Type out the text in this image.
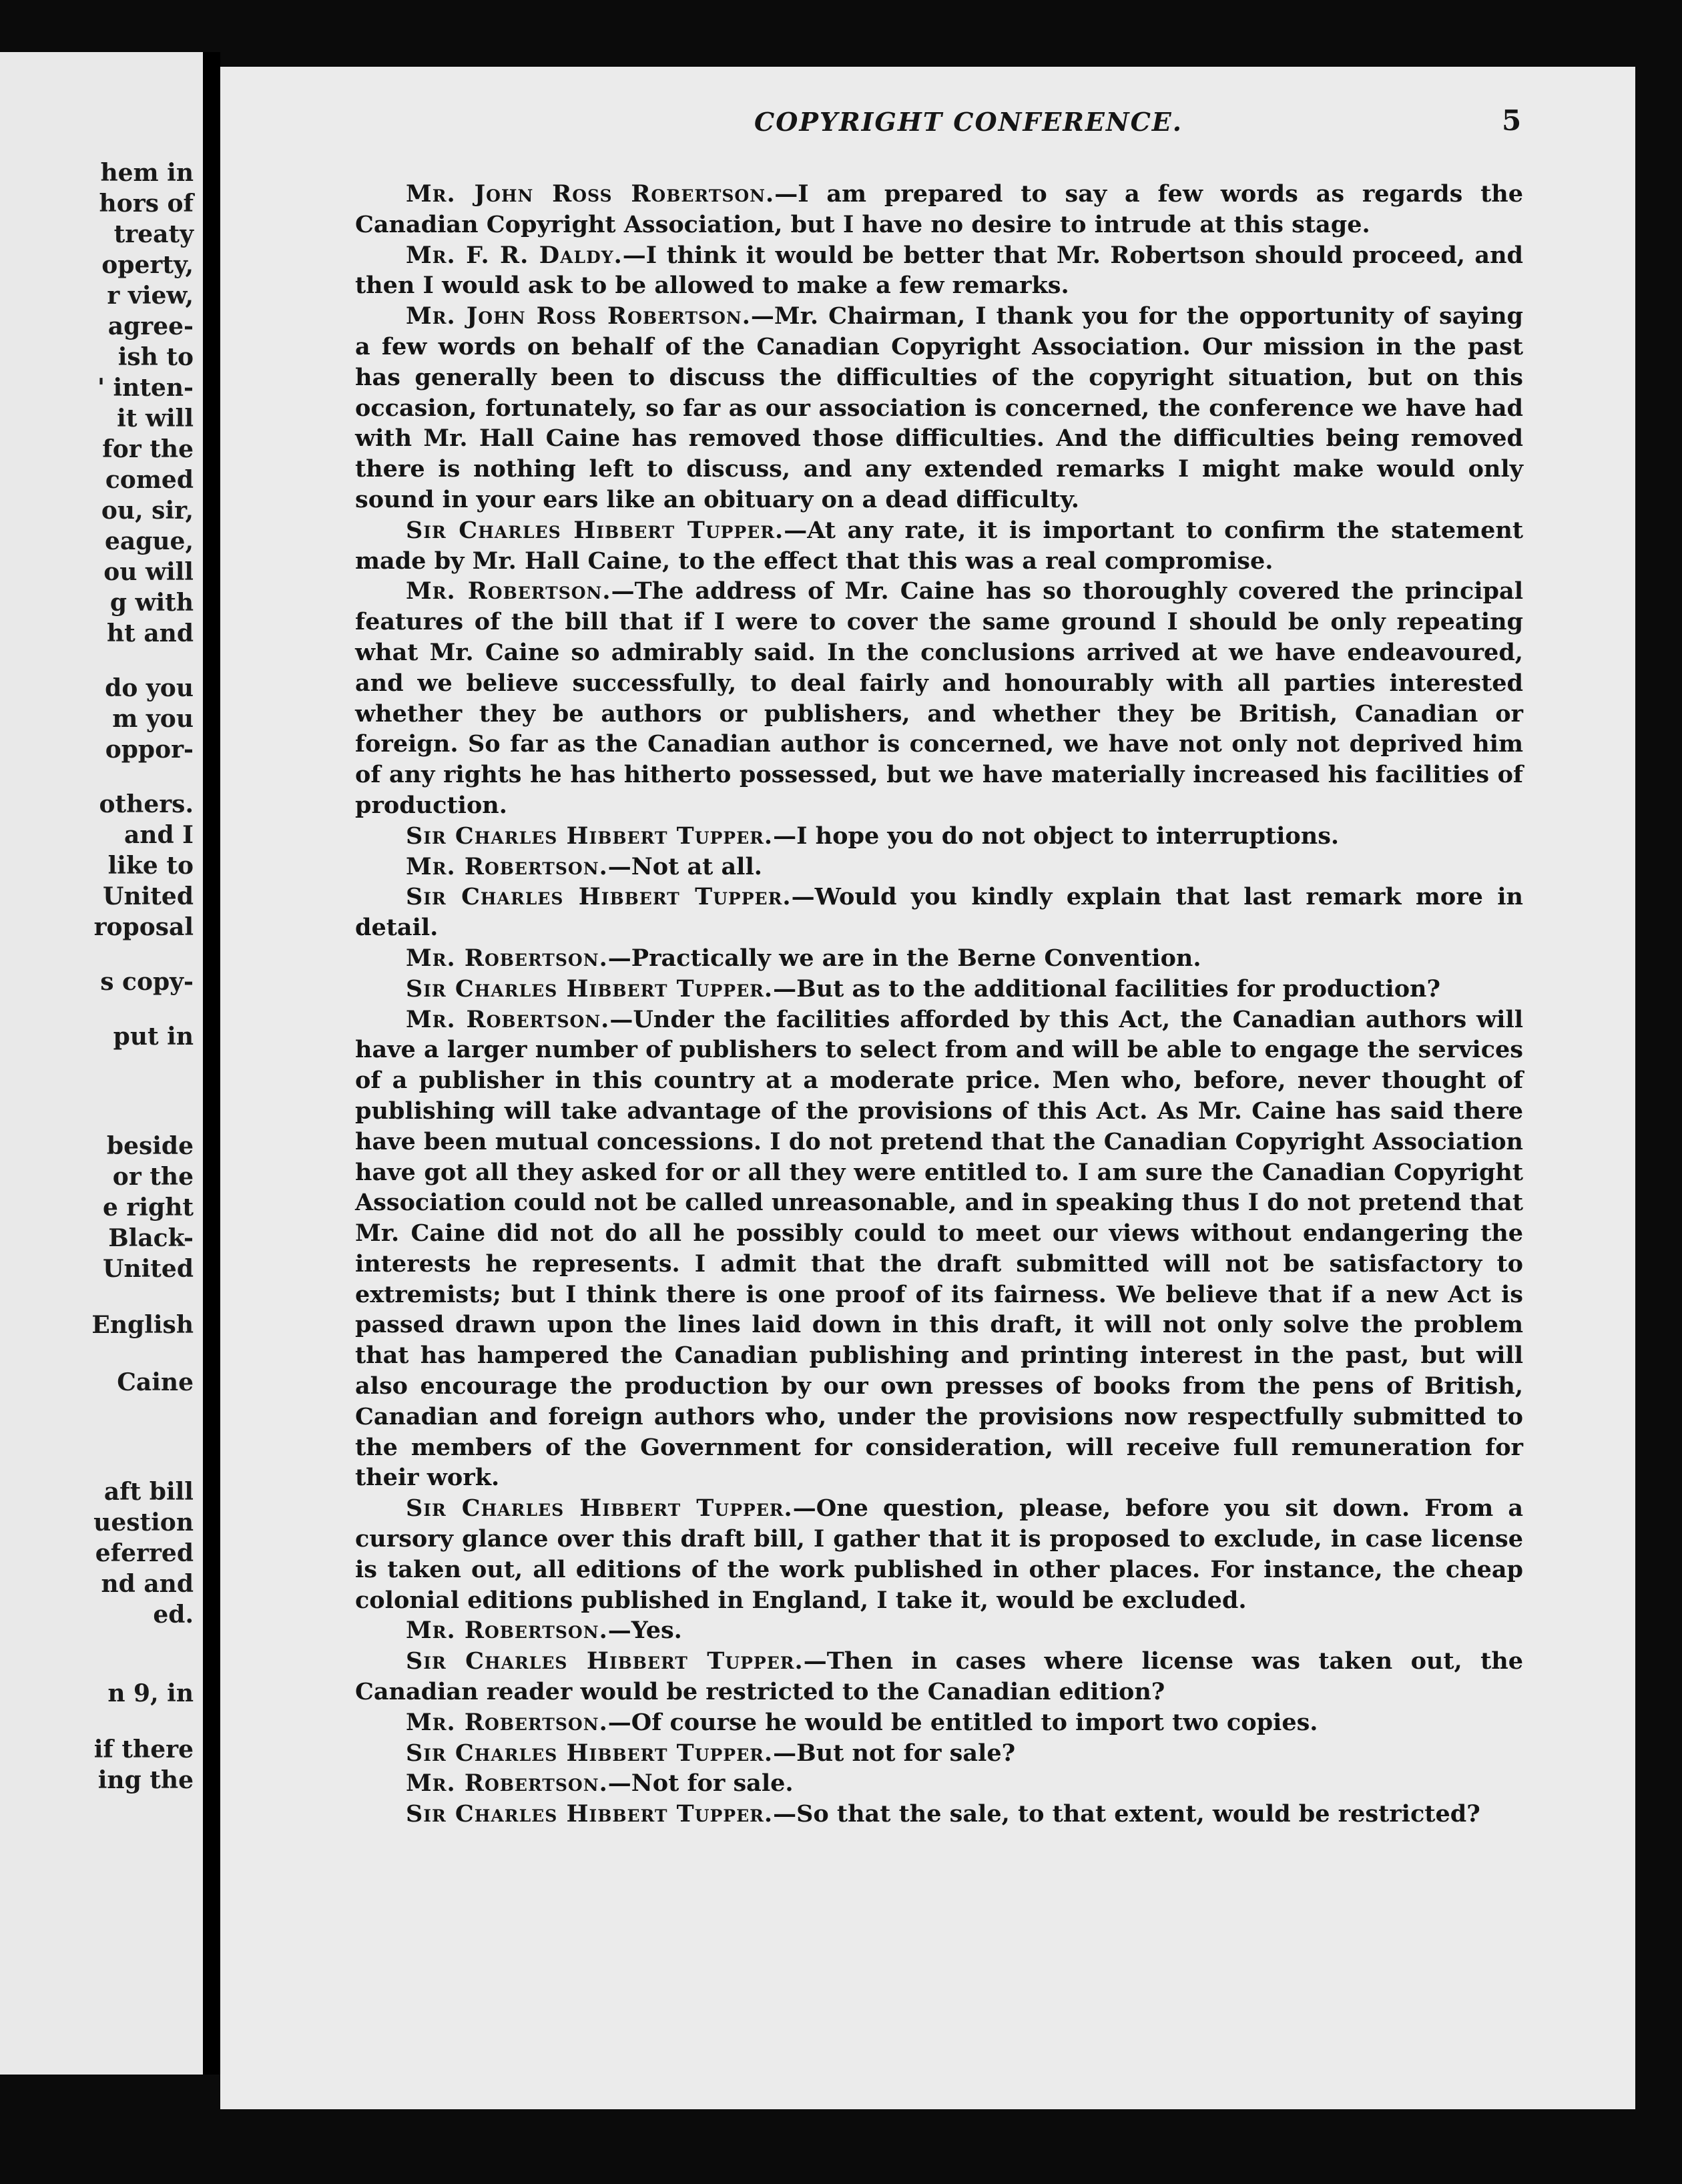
hem in
hors of
treaty
operty,
r view,
agree-
ish to
' inten-
it will
for the
comed
ou, sir,
eague,
ou will
g with
ht and
do you
m you
oppor-
others.
and I
like to
United
roposal
s copy-
put in
beside
or the
e right
Black-
United
English
Caine
aft bill
uestion
eferred
nd and
ed.
n 9, in
if there
ing the
COPYRIGHT CONFERENCE.	5

Mr. John Ross Robertson.—I am prepared to say a few words as regards the Canadian Copyright Association, but I have no desire to intrude at this stage.

Mr. F. R. Daldy.—I think it would be better that Mr. Robertson should proceed, and then I would ask to be allowed to make a few remarks.

Mr. John Ross Robertson.—Mr. Chairman, I thank you for the opportunity of saying a few words on behalf of the Canadian Copyright Association. Our mission in the past has generally been to discuss the difficulties of the copyright situation, but on this occasion, fortunately, so far as our association is concerned, the conference we have had with Mr. Hall Caine has removed those difficulties. And the difficulties being removed there is nothing left to discuss, and any extended remarks I might make would only sound in your ears like an obituary on a dead difficulty.

Sir Charles Hibbert Tupper.—At any rate, it is important to confirm the statement made by Mr. Hall Caine, to the effect that this was a real compromise.

Mr. Robertson.—The address of Mr. Caine has so thoroughly covered the principal features of the bill that if I were to cover the same ground I should be only repeating what Mr. Caine so admirably said. In the conclusions arrived at we have endeavoured, and we believe successfully, to deal fairly and honourably with all parties interested whether they be authors or publishers, and whether they be British, Canadian or foreign. So far as the Canadian author is concerned, we have not only not deprived him of any rights he has hitherto possessed, but we have materially increased his facilities of production.

Sir Charles Hibbert Tupper.—I hope you do not object to interruptions.

Mr. Robertson.—Not at all.

Sir Charles Hibbert Tupper.—Would you kindly explain that last remark more in detail.

Mr. Robertson.—Practically we are in the Berne Convention.

Sir Charles Hibbert Tupper.—But as to the additional facilities for production?

Mr. Robertson.—Under the facilities afforded by this Act, the Canadian authors will have a larger number of publishers to select from and will be able to engage the services of a publisher in this country at a moderate price. Men who, before, never thought of publishing will take advantage of the provisions of this Act. As Mr. Caine has said there have been mutual concessions. I do not pretend that the Canadian Copyright Association have got all they asked for or all they were entitled to. I am sure the Canadian Copyright Association could not be called unreasonable, and in speaking thus I do not pretend that Mr. Caine did not do all he possibly could to meet our views without endangering the interests he represents. I admit that the draft submitted will not be satisfactory to extremists; but I think there is one proof of its fairness. We believe that if a new Act is passed drawn upon the lines laid down in this draft, it will not only solve the problem that has hampered the Canadian publishing and printing interest in the past, but will also encourage the production by our own presses of books from the pens of British, Canadian and foreign authors who, under the provisions now respectfully submitted to the members of the Government for consideration, will receive full remuneration for their work.

Sir Charles Hibbert Tupper.—One question, please, before you sit down. From a cursory glance over this draft bill, I gather that it is proposed to exclude, in case license is taken out, all editions of the work published in other places. For instance, the cheap colonial editions published in England, I take it, would be excluded.

Mr. Robertson.—Yes.

Sir Charles Hibbert Tupper.—Then in cases where license was taken out, the Canadian reader would be restricted to the Canadian edition?

Mr. Robertson.—Of course he would be entitled to import two copies.

Sir Charles Hibbert Tupper.—But not for sale?

Mr. Robertson.—Not for sale.

Sir Charles Hibbert Tupper.—So that the sale, to that extent, would be restricted?
